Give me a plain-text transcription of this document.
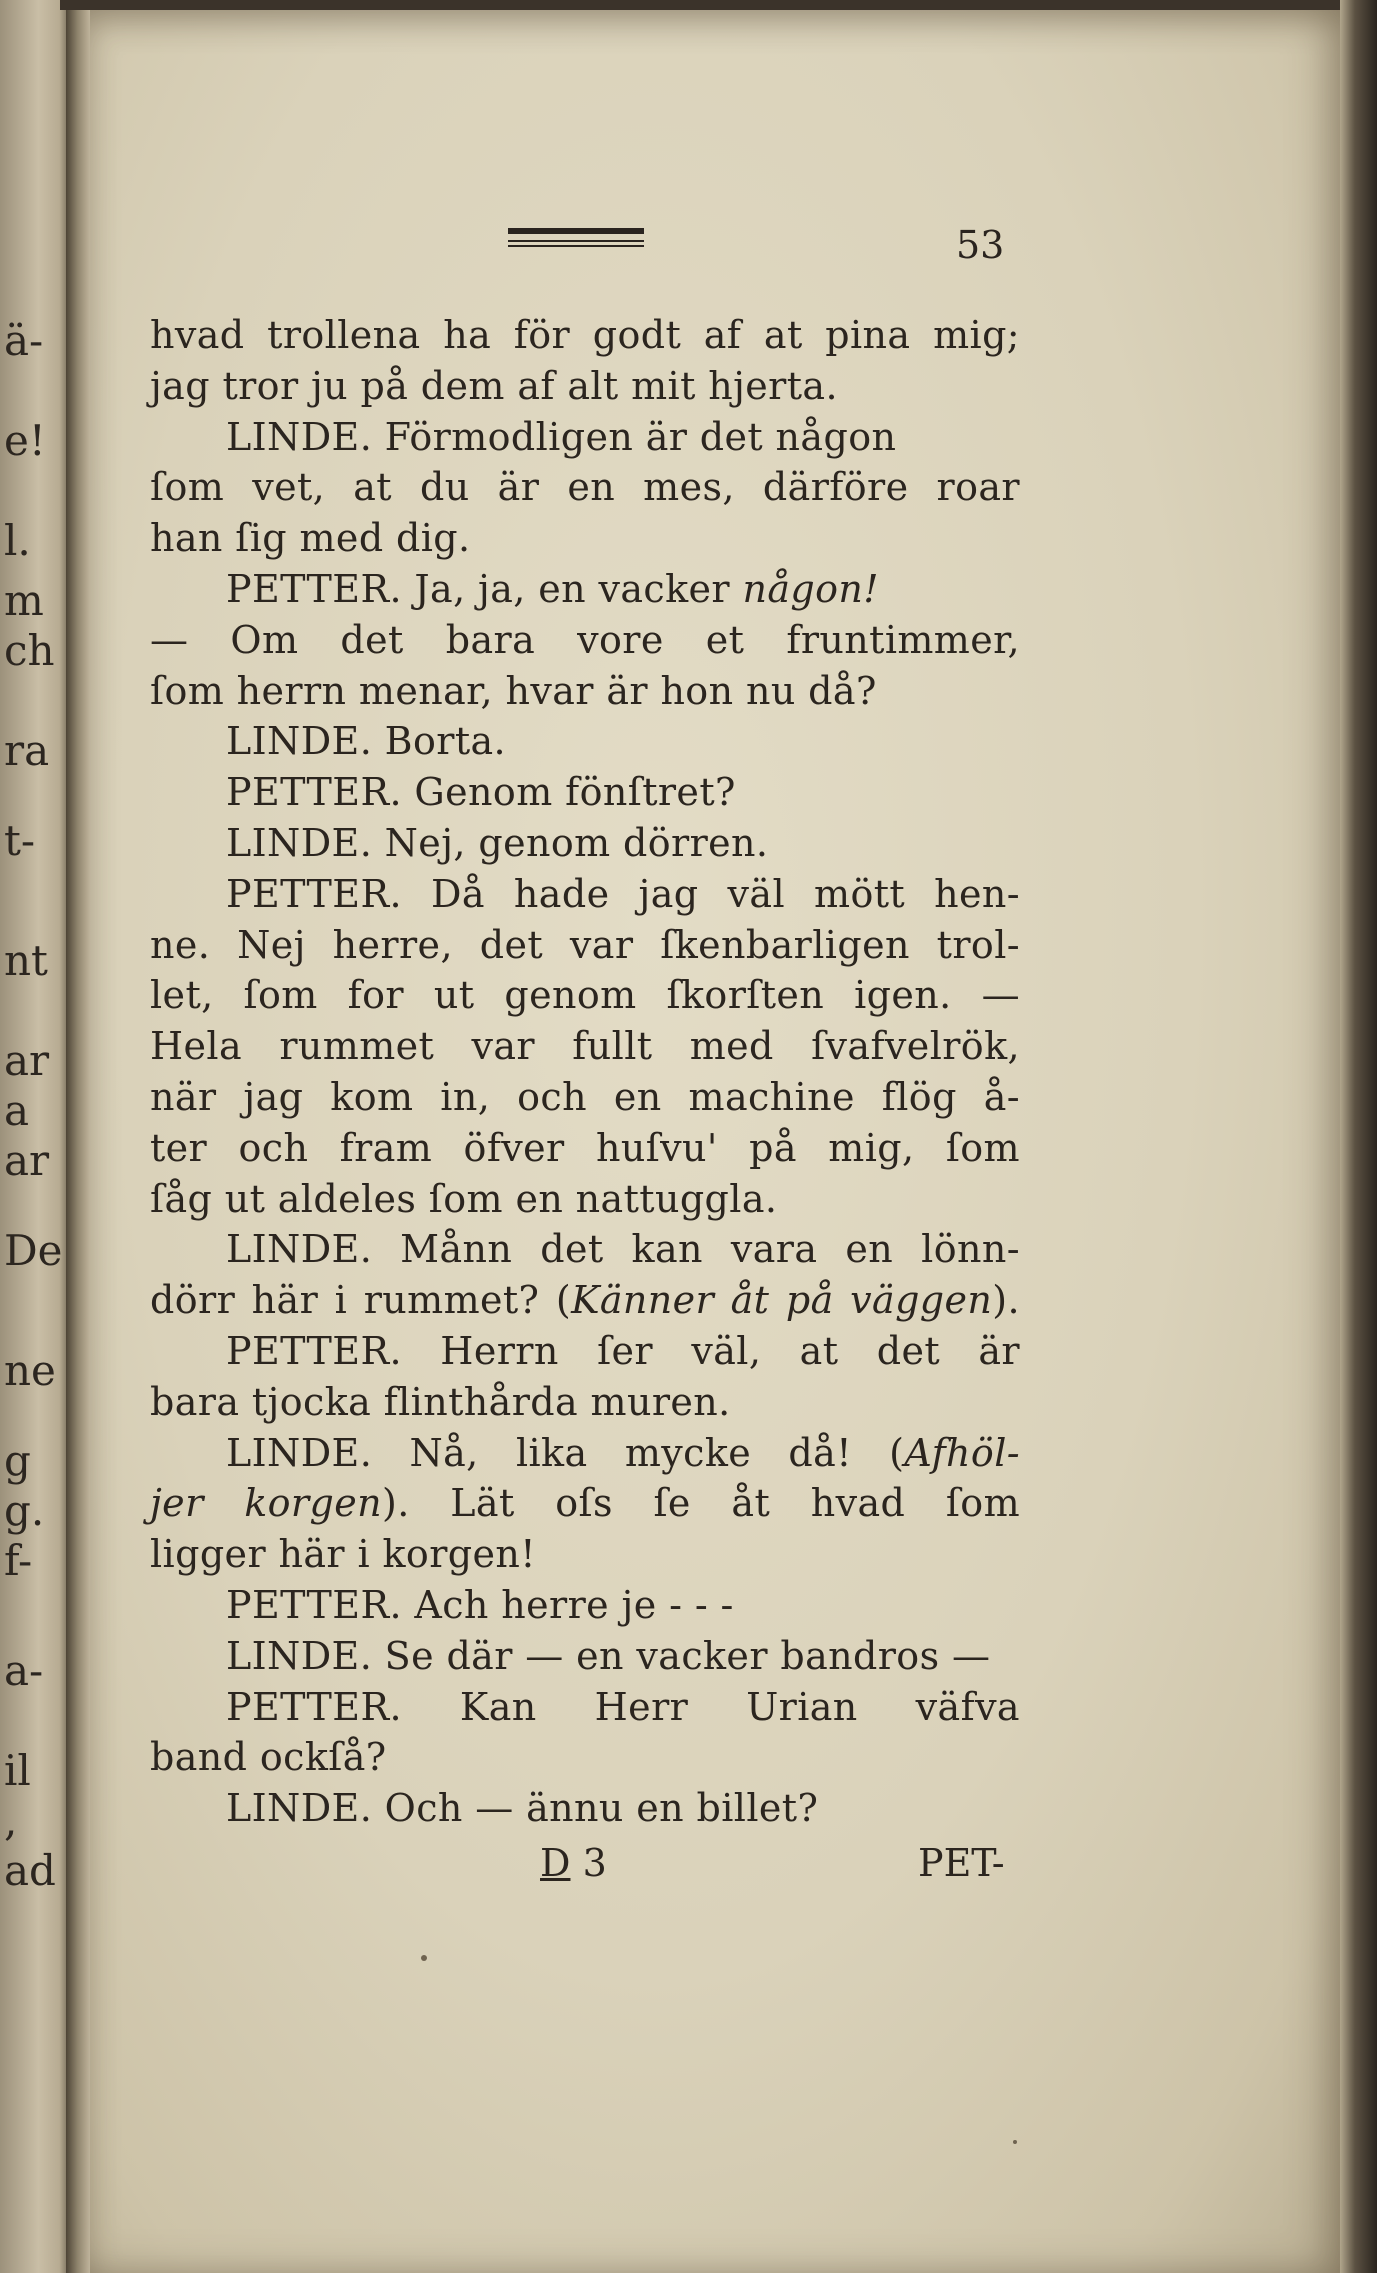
ä-
e!
l.
m
ch
ra
t-
nt
ar
a
ar
De
ne
g
g.
f-
a-
il
,
ad
53
hvad trollena ha för godt af at pina mig;
jag tror ju på dem af alt mit hjerta.
LINDE. Förmodligen är det någon
ſom vet, at du är en mes, därföre roar
han ſig med dig.
PETTER. Ja, ja, en vacker någon!
— Om det bara vore et fruntimmer,
ſom herrn menar, hvar är hon nu då?
LINDE. Borta.
PETTER. Genom fönſtret?
LINDE. Nej, genom dörren.
PETTER. Då hade jag väl mött hen-
ne. Nej herre, det var ſkenbarligen trol-
let, ſom for ut genom ſkorſten igen. —
Hela rummet var fullt med ſvafvelrök,
när jag kom in, och en machine flög å-
ter och fram öfver huſvu' på mig, ſom
ſåg ut aldeles ſom en nattuggla.
LINDE. Månn det kan vara en lönn-
dörr här i rummet? (Känner åt på väggen).
PETTER. Herrn ſer väl, at det är
bara tjocka flinthårda muren.
LINDE. Nå, lika mycke då! (Afhöl-
jer korgen). Lät oſs ſe åt hvad ſom
ligger här i korgen!
PETTER. Ach herre je - - -
LINDE. Se där — en vacker bandros —
PETTER. Kan Herr Urian väfva
band ockſå?
LINDE. Och — ännu en billet?
D 3	PET-
